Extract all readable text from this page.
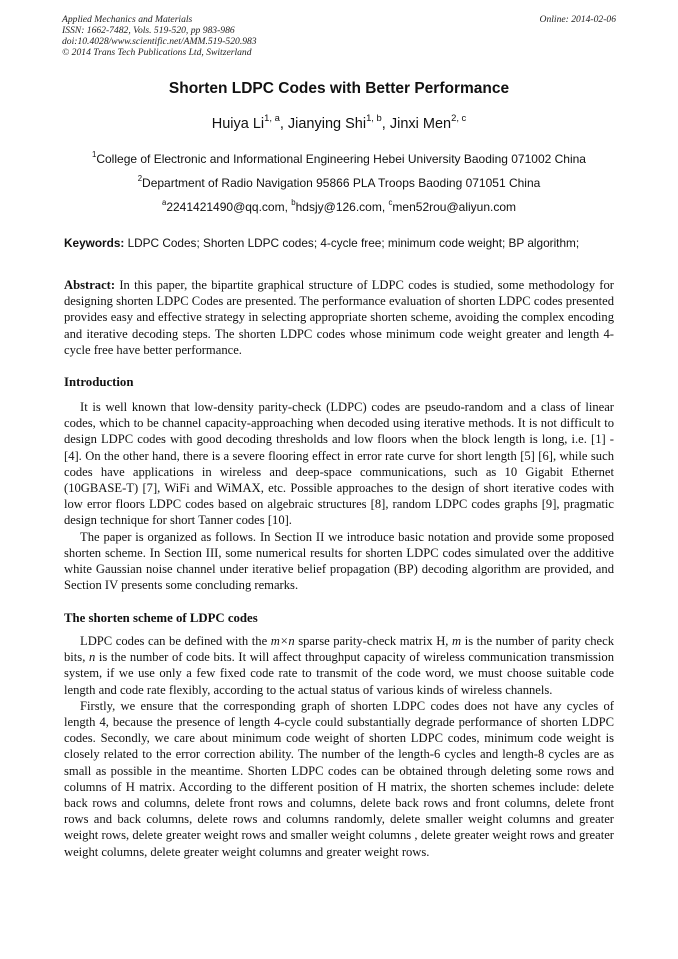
Applied Mechanics and Materials
ISSN: 1662-7482, Vols. 519-520, pp 983-986
doi:10.4028/www.scientific.net/AMM.519-520.983
© 2014 Trans Tech Publications Ltd, Switzerland
Online: 2014-02-06
Shorten LDPC Codes with Better Performance
Huiya Li$^{1, a}$, Jianying Shi$^{1, b}$, Jinxi Men$^{2, c}$
$^1$College of Electronic and Informational Engineering Hebei University Baoding 071002 China
$^2$Department of Radio Navigation 95866 PLA Troops Baoding 071051 China
$^a$2241421490@qq.com, $^b$hdsjy@126.com, $^c$men52rou@aliyun.com
Keywords: LDPC Codes; Shorten LDPC codes; 4-cycle free; minimum code weight; BP algorithm;

Abstract: In this paper, the bipartite graphical structure of LDPC codes is studied, some methodology for designing shorten LDPC Codes are presented. The performance evaluation of shorten LDPC codes presented provides easy and effective strategy in selecting appropriate shorten scheme, avoiding the complex encoding and iterative decoding steps. The shorten LDPC codes whose minimum code weight greater and length 4-cycle free have better performance.

Introduction

It is well known that low-density parity-check (LDPC) codes are pseudo-random and a class of linear codes, which to be channel capacity-approaching when decoded using iterative methods. It is not difficult to design LDPC codes with good decoding thresholds and low floors when the block length is long, i.e. [1] - [4]. On the other hand, there is a severe flooring effect in error rate curve for short length [5] [6], while such codes have applications in wireless and deep-space communications, such as 10 Gigabit Ethernet (10GBASE-T) [7], WiFi and WiMAX, etc. Possible approaches to the design of short iterative codes with low error floors LDPC codes based on algebraic structures [8], random LDPC codes graphs [9], pragmatic design technique for short Tanner codes [10].

The paper is organized as follows. In Section II we introduce basic notation and provide some proposed shorten scheme. In Section III, some numerical results for shorten LDPC codes simulated over the additive white Gaussian noise channel under iterative belief propagation (BP) decoding algorithm are provided, and Section IV presents some concluding remarks.

The shorten scheme of LDPC codes

LDPC codes can be defined with the m×n sparse parity-check matrix H, m is the number of parity check bits, n is the number of code bits. It will affect throughput capacity of wireless communication transmission system, if we use only a few fixed code rate to transmit of the code word, we must choose suitable code length and code rate flexibly, according to the actual status of various kinds of wireless channels.

Firstly, we ensure that the corresponding graph of shorten LDPC codes does not have any cycles of length 4, because the presence of length 4-cycle could substantially degrade performance of shorten LDPC codes. Secondly, we care about minimum code weight of shorten LDPC codes, minimum code weight is closely related to the error correction ability. The number of the length-6 cycles and length-8 cycles are as small as possible in the meantime. Shorten LDPC codes can be obtained through deleting some rows and columns of H matrix. According to the different position of H matrix, the shorten schemes include: delete back rows and columns, delete front rows and columns, delete back rows and front columns, delete front rows and back columns, delete rows and columns randomly, delete smaller weight columns and greater weight rows, delete greater weight rows and smaller weight columns , delete greater weight rows and greater weight columns, delete greater weight columns and greater weight rows.
